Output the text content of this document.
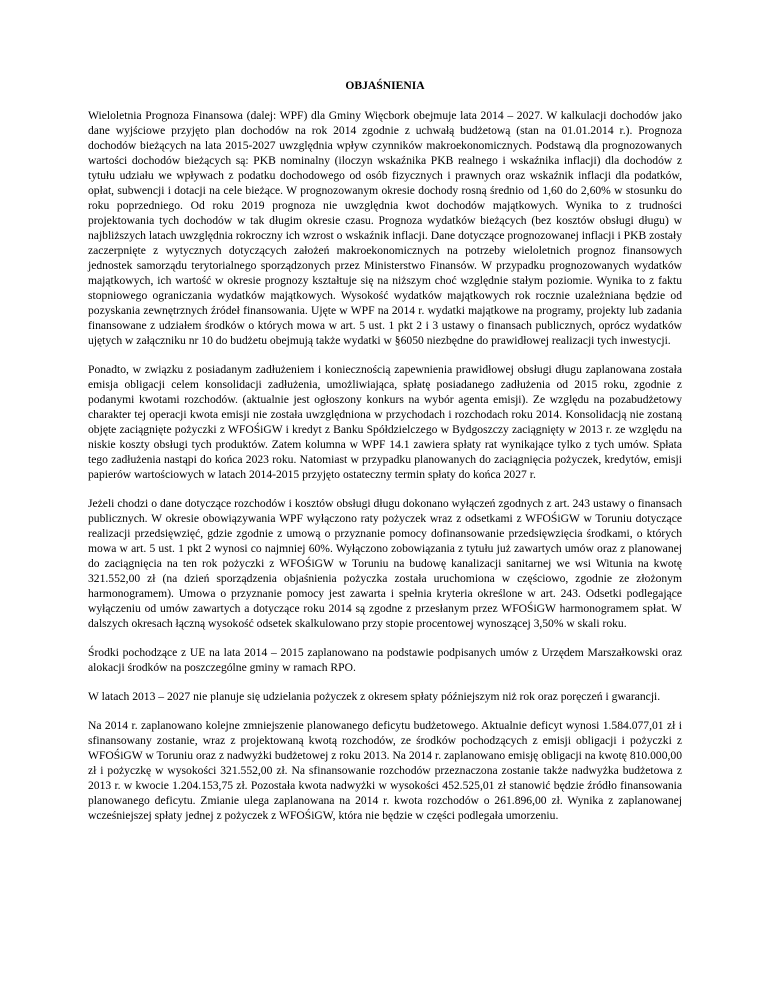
OBJAŚNIENIA

Wieloletnia Prognoza Finansowa (dalej: WPF) dla Gminy Więcbork obejmuje lata 2014 – 2027. W kalkulacji dochodów jako dane wyjściowe przyjęto plan dochodów na rok 2014 zgodnie z uchwałą budżetową (stan na 01.01.2014 r.). Prognoza dochodów bieżących na lata 2015-2027 uwzględnia wpływ czynników makroekonomicznych. Podstawą dla prognozowanych wartości dochodów bieżących są: PKB nominalny (iloczyn wskaźnika PKB realnego i wskaźnika inflacji) dla dochodów z tytułu udziału we wpływach z podatku dochodowego od osób fizycznych i prawnych oraz wskaźnik inflacji dla podatków, opłat, subwencji i dotacji na cele bieżące. W prognozowanym okresie dochody rosną średnio od 1,60 do 2,60% w stosunku do roku poprzedniego. Od roku 2019 prognoza nie uwzględnia kwot dochodów majątkowych. Wynika to z trudności projektowania tych dochodów w tak długim okresie czasu. Prognoza wydatków bieżących (bez kosztów obsługi długu) w najbliższych latach uwzględnia rokroczny ich wzrost o wskaźnik inflacji. Dane dotyczące prognozowanej inflacji i PKB zostały zaczerpnięte z wytycznych dotyczących założeń makroekonomicznych na potrzeby wieloletnich prognoz finansowych jednostek samorządu terytorialnego sporządzonych przez Ministerstwo Finansów. W przypadku prognozowanych wydatków majątkowych, ich wartość w okresie prognozy kształtuje się na niższym choć względnie stałym poziomie. Wynika to z faktu stopniowego ograniczania wydatków majątkowych. Wysokość wydatków majątkowych rok rocznie uzależniana będzie od pozyskania zewnętrznych źródeł finansowania. Ujęte w WPF na 2014 r. wydatki majątkowe na programy, projekty lub zadania finansowane z udziałem środków o których mowa w art. 5 ust. 1 pkt 2 i 3 ustawy o finansach publicznych, oprócz wydatków ujętych w załączniku nr 10 do budżetu obejmują także wydatki w §6050 niezbędne do prawidłowej realizacji tych inwestycji.

Ponadto, w związku z posiadanym zadłużeniem i koniecznością zapewnienia prawidłowej obsługi długu zaplanowana została emisja obligacji celem konsolidacji zadłużenia, umożliwiająca, spłatę posiadanego zadłużenia od 2015 roku, zgodnie z podanymi kwotami rozchodów. (aktualnie jest ogłoszony konkurs na wybór agenta emisji). Ze względu na pozabudżetowy charakter tej operacji kwota emisji nie została uwzględniona w przychodach i rozchodach roku 2014. Konsolidacją nie zostaną objęte zaciągnięte pożyczki z WFOŚiGW i kredyt z Banku Spółdzielczego w Bydgoszczy zaciągnięty w 2013 r. ze względu na niskie koszty obsługi tych produktów. Zatem kolumna w WPF 14.1 zawiera spłaty rat wynikające tylko z tych umów. Spłata tego zadłużenia nastąpi do końca 2023 roku. Natomiast w przypadku planowanych do zaciągnięcia pożyczek, kredytów, emisji papierów wartościowych w latach 2014-2015 przyjęto ostateczny termin spłaty do końca 2027 r.

Jeżeli chodzi o dane dotyczące rozchodów i kosztów obsługi długu dokonano wyłączeń zgodnych z art. 243 ustawy o finansach publicznych. W okresie obowiązywania WPF wyłączono raty pożyczek wraz z odsetkami z WFOŚiGW w Toruniu dotyczące realizacji przedsięwzięć, gdzie zgodnie z umową o przyznanie pomocy dofinansowanie przedsięwzięcia środkami, o których mowa w art. 5 ust. 1 pkt 2 wynosi co najmniej 60%. Wyłączono zobowiązania z tytułu już zawartych umów oraz z planowanej do zaciągnięcia na ten rok pożyczki z WFOŚiGW w Toruniu na budowę kanalizacji sanitarnej we wsi Witunia na kwotę 321.552,00 zł (na dzień sporządzenia objaśnienia pożyczka została uruchomiona w częściowo, zgodnie ze złożonym harmonogramem). Umowa o przyznanie pomocy jest zawarta i spełnia kryteria określone w art. 243. Odsetki podlegające wyłączeniu od umów zawartych a dotyczące roku 2014 są zgodne z przesłanym przez WFOŚiGW harmonogramem spłat. W dalszych okresach łączną wysokość odsetek skalkulowano przy stopie procentowej wynoszącej 3,50% w skali roku.

Środki pochodzące z UE na lata 2014 – 2015 zaplanowano na podstawie podpisanych umów z Urzędem Marszałkowski oraz alokacji środków na poszczególne gminy w ramach RPO.

W latach 2013 – 2027 nie planuje się udzielania pożyczek z okresem spłaty późniejszym niż rok oraz poręczeń i gwarancji.

Na 2014 r. zaplanowano kolejne zmniejszenie planowanego deficytu budżetowego. Aktualnie deficyt wynosi 1.584.077,01 zł i sfinansowany zostanie, wraz z projektowaną kwotą rozchodów, ze środków pochodzących z emisji obligacji i pożyczki z WFOŚiGW w Toruniu oraz z nadwyżki budżetowej z roku 2013. Na 2014 r. zaplanowano emisję obligacji na kwotę 810.000,00 zł i pożyczkę w wysokości 321.552,00 zł. Na sfinansowanie rozchodów przeznaczona zostanie także nadwyżka budżetowa z 2013 r. w kwocie 1.204.153,75 zł. Pozostała kwota nadwyżki w wysokości 452.525,01 zł stanowić będzie źródło finansowania planowanego deficytu. Zmianie ulega zaplanowana na 2014 r. kwota rozchodów o 261.896,00 zł. Wynika z zaplanowanej wcześniejszej spłaty jednej z pożyczek z WFOŚiGW, która nie będzie w części podlegała umorzeniu.
